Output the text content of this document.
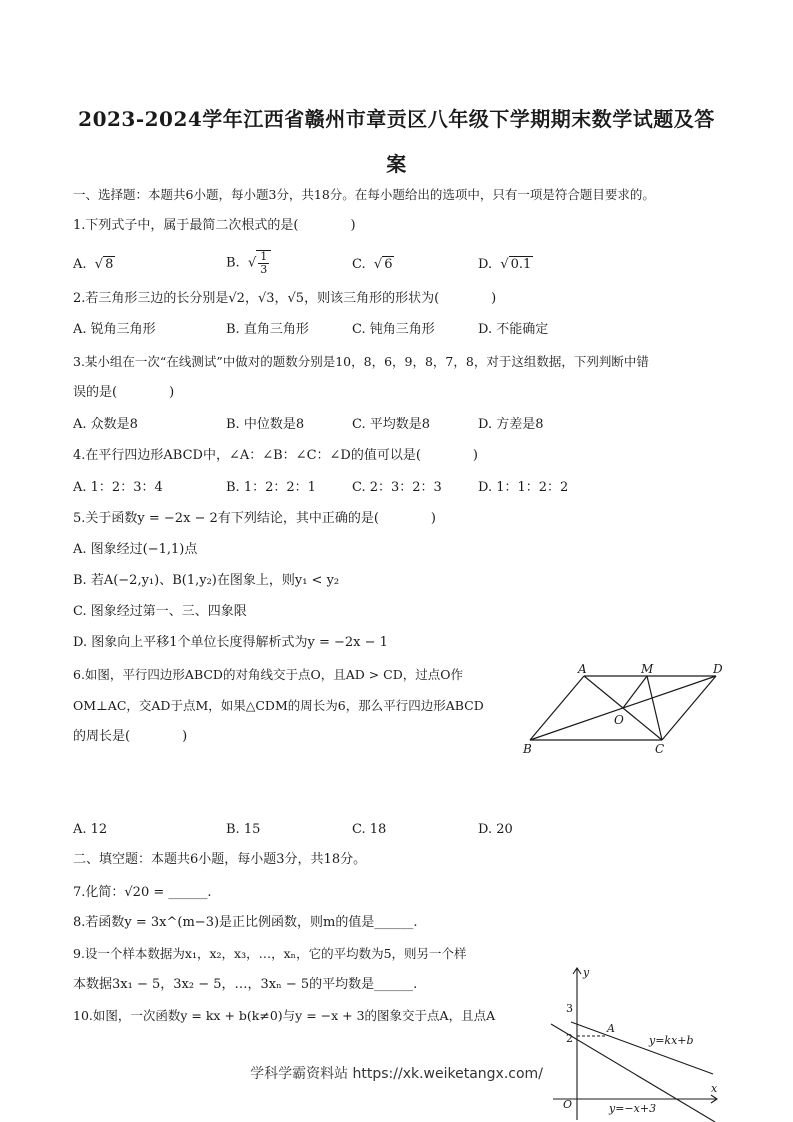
2023-2024学年江西省赣州市章贡区八年级下学期期末数学试题及答
案
一、选择题：本题共6小题，每小题3分，共18分。在每小题给出的选项中，只有一项是符合题目要求的。
1.下列式子中，属于最简二次根式的是(　　　　)
A.  √ 8	B.  √ $\frac{1}{3}$	C.  √ 6	D.  √ 0.1
2.若三角形三边的长分别是√2，√3，√5，则该三角形的形状为(　　　　)
A. 锐角三角形	B. 直角三角形	C. 钝角三角形	D. 不能确定
3.某小组在一次“在线测试”中做对的题数分别是10，8，6，9，8，7，8，对于这组数据，下列判断中错
误的是(　　　　)
A. 众数是8	B. 中位数是8	C. 平均数是8	D. 方差是8
4.在平行四边形ABCD中，∠A：∠B：∠C：∠D的值可以是(　　　　)
A. 1：2：3：4	B. 1：2：2：1	C. 2：3：2：3	D. 1：1：2：2
5.关于函数y = −2x − 2有下列结论，其中正确的是(　　　　)
A. 图象经过(−1,1)点
B. 若A(−2,y₁)、B(1,y₂)在图象上，则y₁ < y₂
C. 图象经过第一、三、四象限
D. 图象向上平移1个单位长度得解析式为y = −2x − 1
6.如图，平行四边形ABCD的对角线交于点O，且AD > CD，过点O作
OM⊥AC，交AD于点M，如果△CDM的周长为6，那么平行四边形ABCD
的周长是(　　　　)
A	M	D
O
B	C
A. 12	B. 15	C. 18	D. 20
二、填空题：本题共6小题，每小题3分，共18分。
7.化简：√20 = ______.
8.若函数y = 3x^(m−3)是正比例函数，则m的值是______.
9.设一个样本数据为x₁，x₂，x₃，…，xₙ，它的平均数为5，则另一个样
本数据3x₁ − 5，3x₂ − 5，…，3xₙ − 5的平均数是______.
10.如图，一次函数y = kx + b(k≠0)与y = −x + 3的图象交于点A，且点A
y
x
O
3
2
A
y=kx+b
y=−x+3
学科学霸资料站 https://xk.weiketangx.com/
